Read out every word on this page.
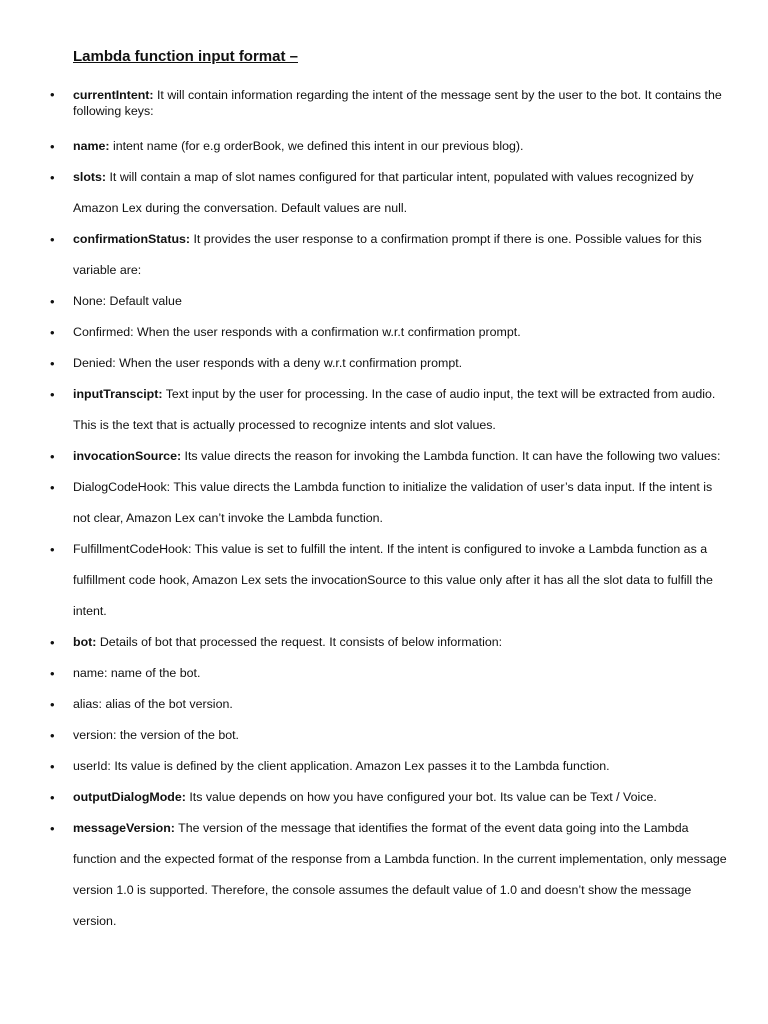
Lambda function input format –
• currentIntent: It will contain information regarding the intent of the message sent by the user to the bot. It contains the following keys:
• name: intent name (for e.g orderBook, we defined this intent in our previous blog).
• slots: It will contain a map of slot names configured for that particular intent, populated with values recognized by Amazon Lex during the conversation. Default values are null.
• confirmationStatus: It provides the user response to a confirmation prompt if there is one. Possible values for this variable are:
• None: Default value
• Confirmed: When the user responds with a confirmation w.r.t confirmation prompt.
• Denied: When the user responds with a deny w.r.t confirmation prompt.
• inputTranscipt: Text input by the user for processing. In the case of audio input, the text will be extracted from audio. This is the text that is actually processed to recognize intents and slot values.
• invocationSource: Its value directs the reason for invoking the Lambda function. It can have the following two values:
• DialogCodeHook: This value directs the Lambda function to initialize the validation of user’s data input. If the intent is not clear, Amazon Lex can’t invoke the Lambda function.
• FulfillmentCodeHook: This value is set to fulfill the intent. If the intent is configured to invoke a Lambda function as a fulfillment code hook, Amazon Lex sets the invocationSource to this value only after it has all the slot data to fulfill the intent.
• bot: Details of bot that processed the request. It consists of below information:
• name: name of the bot.
• alias: alias of the bot version.
• version: the version of the bot.
• userId: Its value is defined by the client application. Amazon Lex passes it to the Lambda function.
• outputDialogMode: Its value depends on how you have configured your bot. Its value can be Text / Voice.
• messageVersion: The version of the message that identifies the format of the event data going into the Lambda function and the expected format of the response from a Lambda function. In the current implementation, only message version 1.0 is supported. Therefore, the console assumes the default value of 1.0 and doesn’t show the message version.
